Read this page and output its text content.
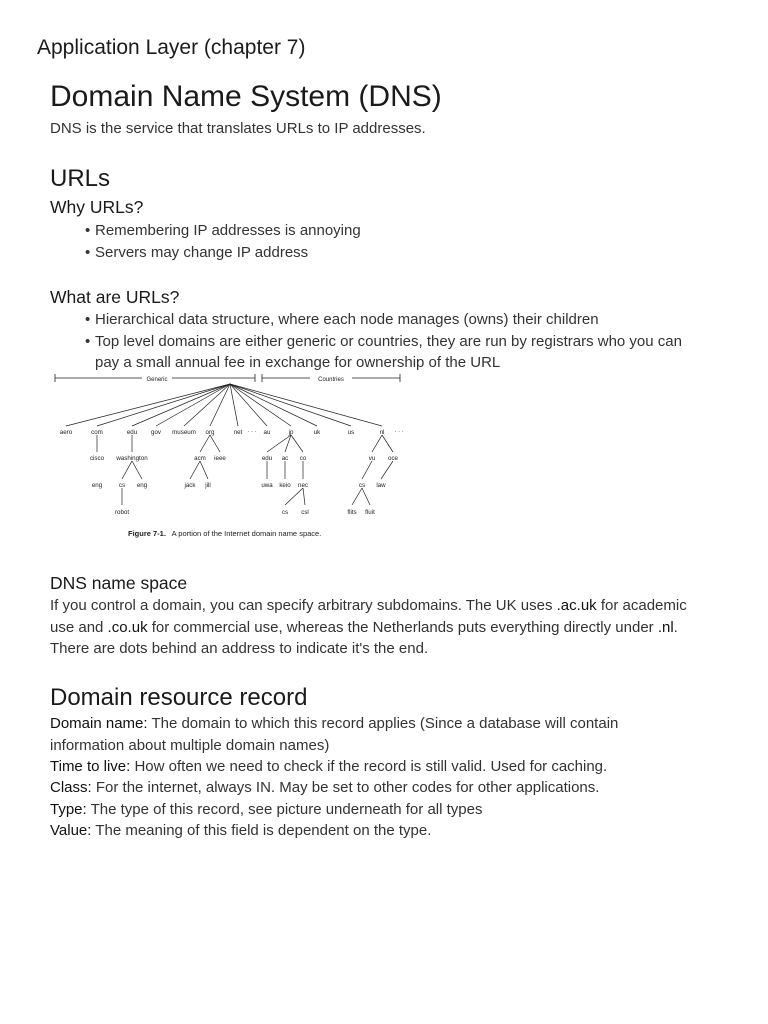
Application Layer (chapter 7)
Domain Name System (DNS)
DNS is the service that translates URLs to IP addresses.
URLs
Why URLs?
• Remembering IP addresses is annoying
• Servers may change IP address
What are URLs?
• Hierarchical data structure, where each node manages (owns) their children
• Top level domains are either generic or countries, they are run by registrars who you can
pay a small annual fee in exchange for ownership of the URL
Generic	Countries
aero	com	edu gov museum org	net · · · au	jp	uk	us	nl · · ·
cisco washington	acm ieee	edu ac co	vu oce
eng	cs eng	jack jill	uwa keio nec	cs law
robot	cs csl	flits fluit
Figure 7-1. A portion of the Internet domain name space.
DNS name space
If you control a domain, you can specify arbitrary subdomains. The UK uses .ac.uk for academic
use and .co.uk for commercial use, whereas the Netherlands puts everything directly under .nl.
There are dots behind an address to indicate it's the end.
Domain resource record
Domain name: The domain to which this record applies (Since a database will contain
information about multiple domain names)
Time to live: How often we need to check if the record is still valid. Used for caching.
Class: For the internet, always IN. May be set to other codes for other applications.
Type: The type of this record, see picture underneath for all types
Value: The meaning of this field is dependent on the type.
